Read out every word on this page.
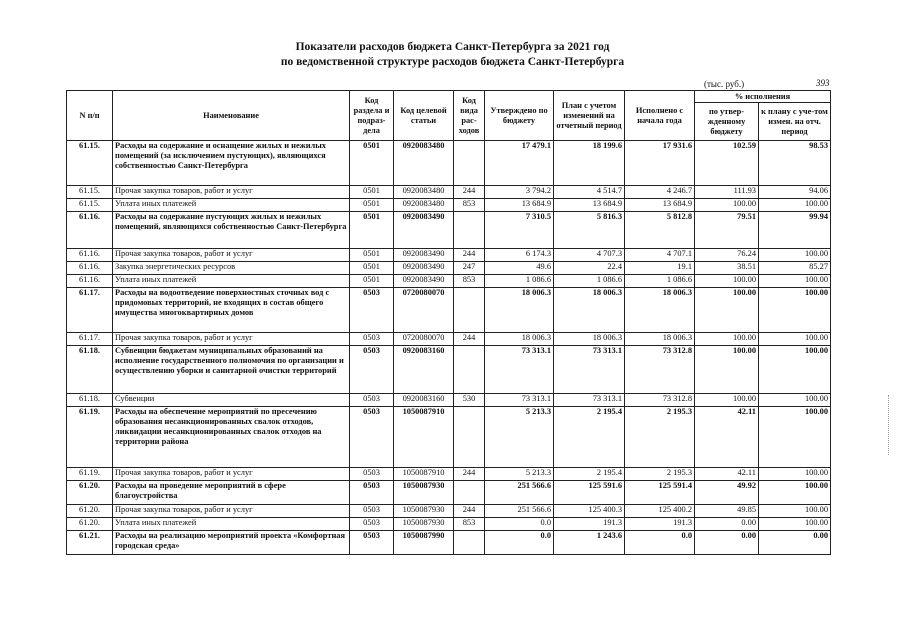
Показатели расходов бюджета Санкт-Петербурга за 2021 год
по ведомственной структуре расходов бюджета Санкт-Петербурга
(тыс. руб.)	393
N п/п	Наименование	Код раздела и подраз-дела	Код целевой статьи	Код вида рас-ходов	Утверждено по бюджету	План с учетом изменений на отчетный период	Исполнено с начала года	% исполнения	
								по утвер-жденному бюджету	к плану с уче-том измен. на отч. период
61.15.	Расходы на содержание и оснащение жилых и нежилых помещений (за исключением пустующих), являющихся собственностью Санкт-Петербурга	0501	0920083480		17 479.1	18 199.6	17 931.6	102.59	98.53
61.15.	Прочая закупка товаров, работ и услуг	0501	0920083480	244	3 794.2	4 514.7	4 246.7	111.93	94.06
61.15.	Уплата иных платежей	0501	0920083480	853	13 684.9	13 684.9	13 684.9	100.00	100.00
61.16.	Расходы на содержание пустующих жилых и нежилых помещений, являющихся собственностью Санкт-Петербурга	0501	0920083490		7 310.5	5 816.3	5 812.8	79.51	99.94
61.16.	Прочая закупка товаров, работ и услуг	0501	0920083490	244	6 174.3	4 707.3	4 707.1	76.24	100.00
61.16.	Закупка энергетических ресурсов	0501	0920083490	247	49.6	22.4	19.1	38.51	85.27
61.16.	Уплата иных платежей	0501	0920083490	853	1 086.6	1 086.6	1 086.6	100.00	100.00
61.17.	Расходы на водоотведение поверхностных сточных вод с придомовых территорий, не входящих в состав общего имущества многоквартирных домов	0503	0720080070		18 006.3	18 006.3	18 006.3	100.00	100.00
61.17.	Прочая закупка товаров, работ и услуг	0503	0720080070	244	18 006.3	18 006.3	18 006.3	100.00	100.00
61.18.	Субвенции бюджетам муниципальных образований на исполнение государственного полномочия по организации и осуществлению уборки и санитарной очистки территорий	0503	0920083160		73 313.1	73 313.1	73 312.8	100.00	100.00
61.18.	Субвенции	0503	0920083160	530	73 313.1	73 313.1	73 312.8	100.00	100.00
61.19.	Расходы на обеспечение мероприятий по пресечению образования несанкционированных свалок отходов, ликвидации несанкционированных свалок отходов на территории района	0503	1050087910		5 213.3	2 195.4	2 195.3	42.11	100.00
61.19.	Прочая закупка товаров, работ и услуг	0503	1050087910	244	5 213.3	2 195.4	2 195.3	42.11	100.00
61.20.	Расходы на проведение мероприятий в сфере благоустройства	0503	1050087930		251 566.6	125 591.6	125 591.4	49.92	100.00
61.20.	Прочая закупка товаров, работ и услуг	0503	1050087930	244	251 566.6	125 400.3	125 400.2	49.85	100.00
61.20.	Уплата иных платежей	0503	1050087930	853	0.0	191.3	191.3	0.00	100.00
61.21.	Расходы на реализацию мероприятий проекта «Комфортная городская среда»	0503	1050087990		0.0	1 243.6	0.0	0.00	0.00
